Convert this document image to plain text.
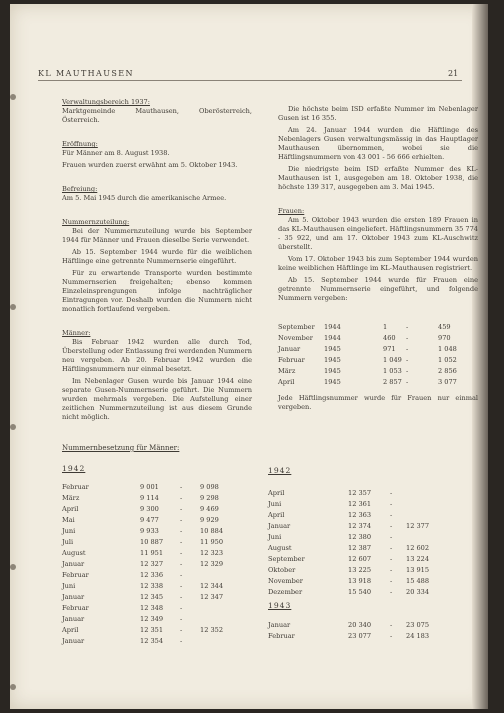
KL MAUTHAUSEN	21
Verwaltungsbereich 1937:

Marktgemeinde Mauthausen, Oberösterreich, Österreich.

Eröffnung:

Für Männer am 8. August 1938.

Frauen wurden zuerst erwähnt am 5. Oktober 1943.

Befreiung:

Am 5. Mai 1945 durch die amerikanische Armee.

Nummernzuteilung:

Bei der Nummernzuteilung wurde bis September 1944 für Männer und Frauen dieselbe Serie verwendet.

Ab 15. September 1944 wurde für die weiblichen Häftlinge eine getrennte Nummernserie eingeführt.

Für zu erwartende Transporte wurden bestimmte Nummernserien freigehalten; ebenso kommen Einzeleinsprengungen infolge nachträglicher Eintragungen vor. Deshalb wurden die Nummern nicht monatlich fortlaufend vergeben.

Männer:

Bis Februar 1942 wurden alle durch Tod, Überstellung oder Entlassung frei werdenden Nummern neu vergeben. Ab 20. Februar 1942 wurden die Häftlingsnummern nur einmal besetzt.

Im Nebenlager Gusen wurde bis Januar 1944 eine separate Gusen-Nummernserie geführt. Die Nummern wurden mehrmals vergeben. Die Aufstellung einer zeitlichen Nummernzuteilung ist aus diesem Grunde nicht möglich.

Die höchste beim ISD erfaßte Nummer im Nebenlager Gusen ist 16 355.

Am 24. Januar 1944 wurden die Häftlinge des Nebenlagers Gusen verwaltungsmässig in das Hauptlager Mauthausen übernommen, wobei sie die Häftlingsnummern von 43 001 - 56 666 erhielten.

Die niedrigste beim ISD erfaßte Nummer des KL-Mauthausen ist 1, ausgegeben am 18. Oktober 1938, die höchste 139 317, ausgegeben am 3. Mai 1945.

Frauen:

Am 5. Oktober 1943 wurden die ersten 189 Frauen in das KL-Mauthausen eingeliefert. Häftlingsnummern 35 774 - 35 922, und am 17. Oktober 1943 zum KL-Auschwitz überstellt.

Vom 17. Oktober 1943 bis zum September 1944 wurden keine weiblichen Häftlinge im KL-Mauthausen registriert.

Ab 15. September 1944 wurde für Frauen eine getrennte Nummernserie eingeführt, und folgende Nummern vergeben:

September 1944	1	-	459
November 1944	460 -	970
Januar	1945	971 -	1 048
Februar	1945	1 049 -	1 052
März	1945	1 053 -	2 856
April	1945	2 857 -	3 077

Jede Häftlingsnummer wurde für Frauen nur einmal vergeben.

Nummernbesetzung für Männer:
1942
Februar	9 001	-	9 098
März	9 114	-	9 298
April	9 300	-	9 469
Mai	9 477	-	9 929
Juni	9 933	-	10 884
Juli	10 887	-	11 950
August	11 951	-	12 323
Januar	12 327	-	12 329
Februar	12 336	-
Juni	12 338	-	12 344
Januar	12 345	-	12 347
Februar	12 348	-
Januar	12 349	-
April	12 351	-	12 352
Januar	12 354	-
1942
April	12 357	-
Juni	12 361	-
April	12 363	-
Januar	12 374	- 12 377
Juni	12 380	-
August	12 387	- 12 602
September	12 607	- 13 224
Oktober	13 225	- 13 915
November	13 918	- 15 488
Dezember	15 540	- 20 334
1943
Januar	20 340	- 23 075
Februar	23 077	- 24 183
